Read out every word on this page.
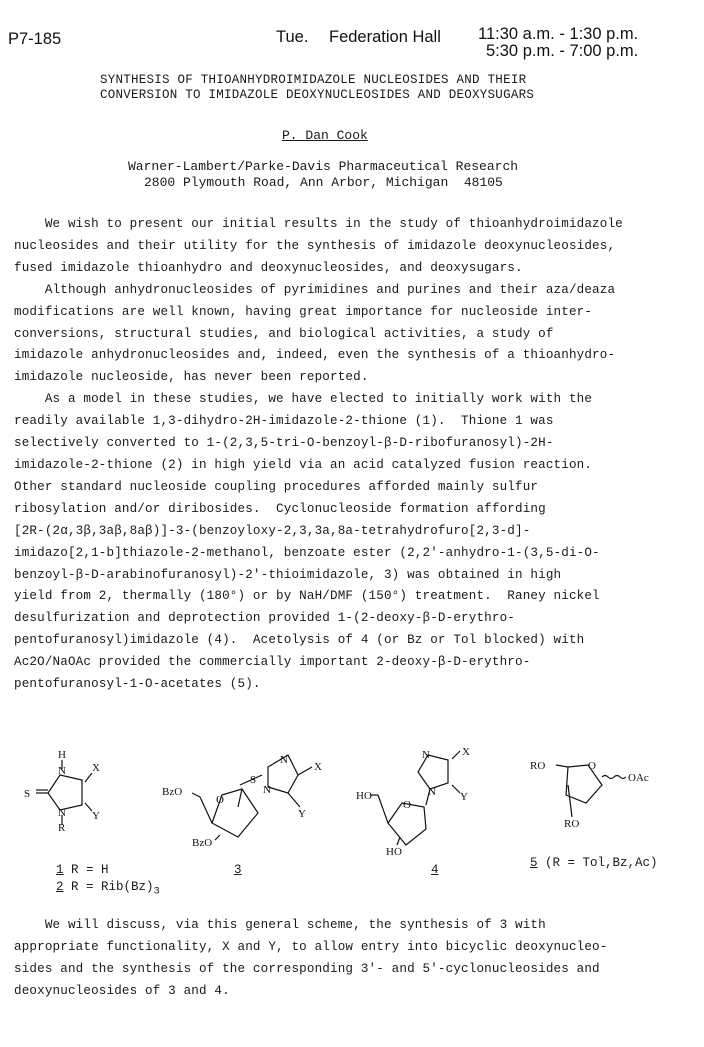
P7-185	Tue. Federation Hall 11:30 a.m. - 1:30 p.m.
5:30 p.m. - 7:00 p.m.
SYNTHESIS OF THIOANHYDROIMIDAZOLE NUCLEOSIDES AND THEIR
CONVERSION TO IMIDAZOLE DEOXYNUCLEOSIDES AND DEOXYSUGARS
P. Dan Cook
Warner-Lambert/Parke-Davis Pharmaceutical Research
2800 Plymouth Road, Ann Arbor, Michigan  48105
We wish to present our initial results in the study of thioanhydroimidazole
nucleosides and their utility for the synthesis of imidazole deoxynucleosides,
fused imidazole thioanhydro and deoxynucleosides, and deoxysugars.
Although anhydronucleosides of pyrimidines and purines and their aza/deaza
modifications are well known, having great importance for nucleoside inter-
conversions, structural studies, and biological activities, a study of
imidazole anhydronucleosides and, indeed, even the synthesis of a thioanhydro-
imidazole nucleoside, has never been reported.
As a model in these studies, we have elected to initially work with the
readily available 1,3-dihydro-2H-imidazole-2-thione (1).  Thione 1 was
selectively converted to 1-(2,3,5-tri-O-benzoyl-β-D-ribofuranosyl)-2H-
imidazole-2-thione (2) in high yield via an acid catalyzed fusion reaction.
Other standard nucleoside coupling procedures afforded mainly sulfur
ribosylation and/or diribosides.  Cyclonucleoside formation affording
[2R-(2α,3β,3aβ,8aβ)]-3-(benzoyloxy-2,3,3a,8a-tetrahydrofuro[2,3-d]-
imidazo[2,1-b]thiazole-2-methanol, benzoate ester (2,2'-anhydro-1-(3,5-di-O-
benzoyl-β-D-arabinofuranosyl)-2'-thioimidazole, 3) was obtained in high
yield from 2, thermally (180°) or by NaH/DMF (150°) treatment.  Raney nickel
desulfurization and deprotection provided 1-(2-deoxy-β-D-erythro-
pentofuranosyl)imidazole (4).  Acetolysis of 4 (or Bz or Tol blocked) with
Ac2O/NaOAc provided the commercially important 2-deoxy-β-D-erythro-
pentofuranosyl-1-O-acetates (5).
S
H
N
N
R
X
Y
S
N
N
X
Y
O
BzO
BzO
N
N
X
Y
O
HO
HO
RO	O
OAc
RO
1 R = H
2 $R = Rib(Bz)_3$
3	4	5 (R = Tol,Bz,Ac)
We will discuss, via this general scheme, the synthesis of 3 with
appropriate functionality, X and Y, to allow entry into bicyclic deoxynucleo-
sides and the synthesis of the corresponding 3'- and 5'-cyclonucleosides and
deoxynucleosides of 3 and 4.
